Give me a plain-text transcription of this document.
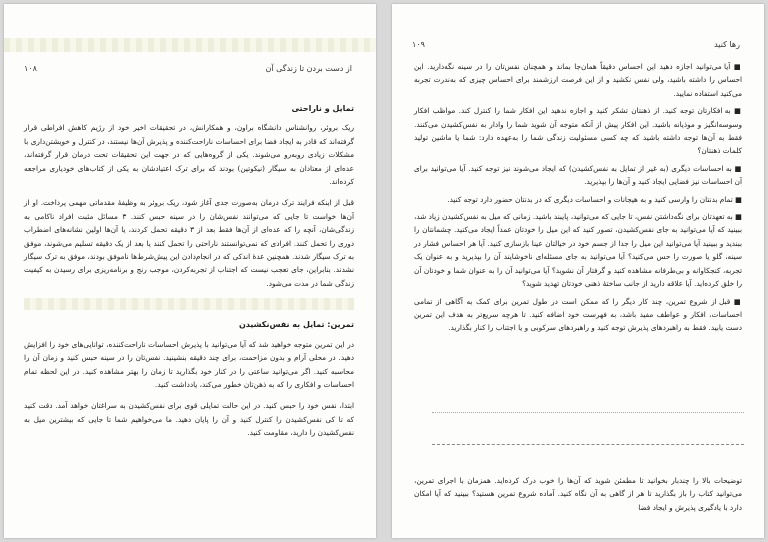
۱۰۸	از دست بردن تا زندگی آن
تمایل و ناراحتی
ریک بروئر، روانشناس دانشگاه براون، و همکارانش، در تحقیقات اخیر خود از رژیم کاهش افراطی قرار گرفته‌اند که قادر به ایجاد فضا برای احساسات ناراحت‌کننده و پذیرش آن‌ها نیستند، در کنترل و خویشتن‌داری با مشکلات زیادی روبه‌رو می‌شوند. یکی از گروه‌هایی که در جهت این تحقیقات تحت درمان قرار گرفته‌اند، عده‌ای از معتادان به سیگار (نیکوتین) بودند که برای ترک اعتیادشان به یکی از کتاب‌های خودیاری مراجعه کرده‌اند.
قبل از اینکه فرایند ترک درمان به‌صورت جدی آغاز شود، ریک بروئر به وظیفهٔ مقدماتی مهمی پرداخت. او از آن‌ها خواست تا جایی که می‌توانند نفس‌شان را در سینه حبس کنند. ۳ مسائل مثبت افراد ناکامی به زندگی‌شان، آنچه را که عده‌ای از آن‌ها فقط بعد از ۳ دقیقه تحمل کردند، یا آن‌ها اولین نشانه‌های اضطراب دوری را تحمل کنند. افرادی که نمی‌توانستند ناراحتی را تحمل کنند یا بعد از یک دقیقه تسلیم می‌شوند، موفق به ترک سیگار شدند. همچنین عدهٔ اندکی که در انجام‌دادن این پیش‌شرط‌ها ناموفق بودند، موفق به ترک سیگار نشدند. بنابراین، جای تعجب نیست که اجتناب از تجربه‌کردن، موجب رنج و برنامه‌ریزی برای رسیدن به کیفیت زندگی شما در مدت می‌شود.
تمرین: تمایل به نفس‌نکشیدن
در این تمرین متوجه خواهید شد که آیا می‌توانید با پذیرش احساسات ناراحت‌کننده، توانایی‌های خود را افزایش دهید. در محلی آرام و بدون مزاحمت، برای چند دقیقه بنشینید. نفس‌تان را در سینه حبس کنید و زمان آن را محاسبه کنید. اگر می‌توانید ساعتی را در کنار خود بگذارید تا زمان را بهتر مشاهده کنید. در این لحظه تمام احساسات و افکاری را که به ذهن‌تان خطور می‌کند، یادداشت کنید.
ابتدا، نفس خود را حبس کنید. در این حالت تمایلی قوی برای نفس‌کشیدن به سراغتان خواهد آمد. دقت کنید که تا کی نفس‌کشیدن را کنترل کنید و آن را پایان دهید. ما می‌خواهیم شما تا جایی که بیشترین میل به نفس‌کشیدن را دارید، مقاومت کنید.
۱۰۹	رها کنید
■ آیا می‌توانید اجازه دهید این احساس دقیقاً همان‌جا بماند و همچنان نفس‌تان را در سینه نگه‌دارید. این احساس را داشته باشید، ولی نفس نکشید و از این فرصت ارزشمند برای احساس چیزی که به‌ندرت تجربه می‌کنید استفاده نمایید.
■ به افکارتان توجه کنید. از ذهنتان تشکر کنید و اجازه ندهید این افکار شما را کنترل کند. مواظب افکار وسوسه‌انگیز و موذیانه باشید. این افکار پیش از آنکه متوجه آن شوید شما را وادار به نفس‌کشیدن می‌کنند. فقط به آن‌ها توجه داشته باشید که چه کسی مسئولیت زندگی شما را به‌عهده دارد: شما یا ماشین تولید کلمات ذهنتان؟
■ به احساسات دیگری (به غیر از تمایل به نفس‌کشیدن) که ایجاد می‌شوند نیز توجه کنید. آیا می‌توانید برای آن احساسات نیز فضایی ایجاد کنید و آن‌ها را بپذیرید.
■ تمام بدنتان را وارسی کنید و به هیجانات و احساسات دیگری که در بدنتان حضور دارد توجه کنید.
■ به تعهدتان برای نگه‌داشتن نفس، تا جایی که می‌توانید، پایبند باشید. زمانی که میل به نفس‌کشیدن زیاد شد، ببینید که آیا می‌توانید به جای نفس‌کشیدن، تصور کنید که این میل را خودتان عمداً ایجاد می‌کنید. چشمانتان را ببندید و ببینید آیا می‌توانید این میل را جدا از جسم خود در خیالتان عینا بازسازی کنید. آیا هر احساس فشار در سینه، گلو یا صورت را حس می‌کنید؟ آیا می‌توانید به جای مسئله‌ای ناخوشایند آن را بپذیرید و به عنوان یک تجربه، کنجکاوانه و بی‌طرفانه مشاهده کنید و گرفتار آن نشوید؟ آیا می‌توانید آن را به عنوان شما و خودتان آن را خلق کرده‌اید. آیا علاقه دارید از جانب ساختهٔ ذهنی خودتان تهدید شوید؟
■ قبل از شروع تمرین، چند کار دیگر را که ممکن است در طول تمرین برای کمک به آگاهی از تمامی احساسات، افکار و عواطف مفید باشد، به فهرست خود اضافه کنید. تا هرچه سریع‌تر به هدف این تمرین دست یابید. فقط به راهبردهای پذیرش توجه کنید و راهبردهای سرکوبی و یا اجتناب را کنار بگذارید.
توضیحات بالا را چندبار بخوانید تا مطمئن شوید که آن‌ها را خوب درک کرده‌اید. همزمان با اجرای تمرین، می‌توانید کتاب را باز بگذارید تا هر از گاهی به آن نگاه کنید. آماده شروع تمرین هستید؟ ببینید که آیا امکان دارد با یادگیری پذیرش و ایجاد فضا
